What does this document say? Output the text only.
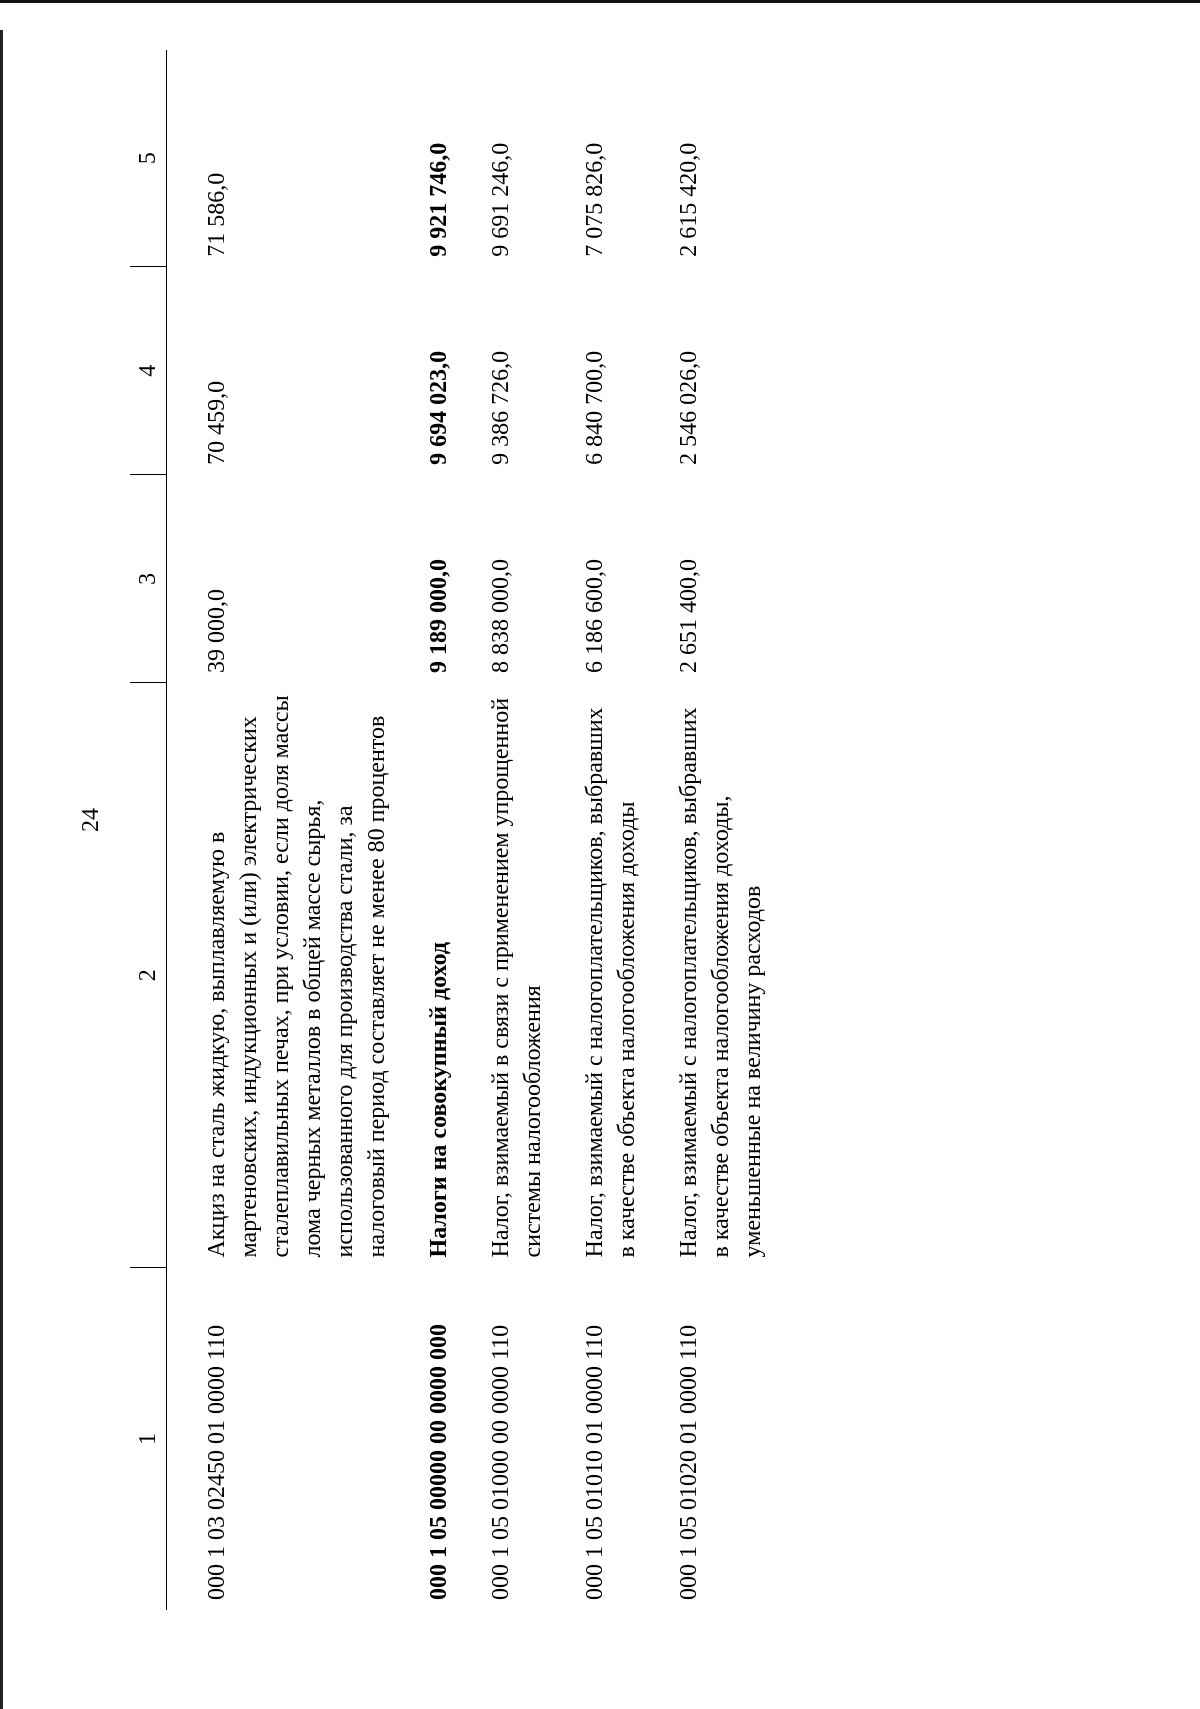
24
1	2	3	4	5
000 1 03 02450 01 0000 110	Акциз на сталь жидкую, выплавляемую в мартеновских, индукционных и (или) электрических сталеплавильных печах, при условии, если доля массы лома черных металлов в общей массе сырья, использованного для производства стали, за налоговый период составляет не менее 80 процентов	39 000,0	70 459,0	71 586,0
000 1 05 00000 00 0000 000	Налоги на совокупный доход	9 189 000,0	9 694 023,0	9 921 746,0
000 1 05 01000 00 0000 110	Налог, взимаемый в связи с применением упрощенной системы налогообложения	8 838 000,0	9 386 726,0	9 691 246,0
000 1 05 01010 01 0000 110	Налог, взимаемый с налогоплательщиков, выбравших в качестве объекта налогообложения доходы	6 186 600,0	6 840 700,0	7 075 826,0
000 1 05 01020 01 0000 110	Налог, взимаемый с налогоплательщиков, выбравших в качестве объекта налогообложения доходы, уменьшенные на величину расходов	2 651 400,0	2 546 026,0	2 615 420,0
